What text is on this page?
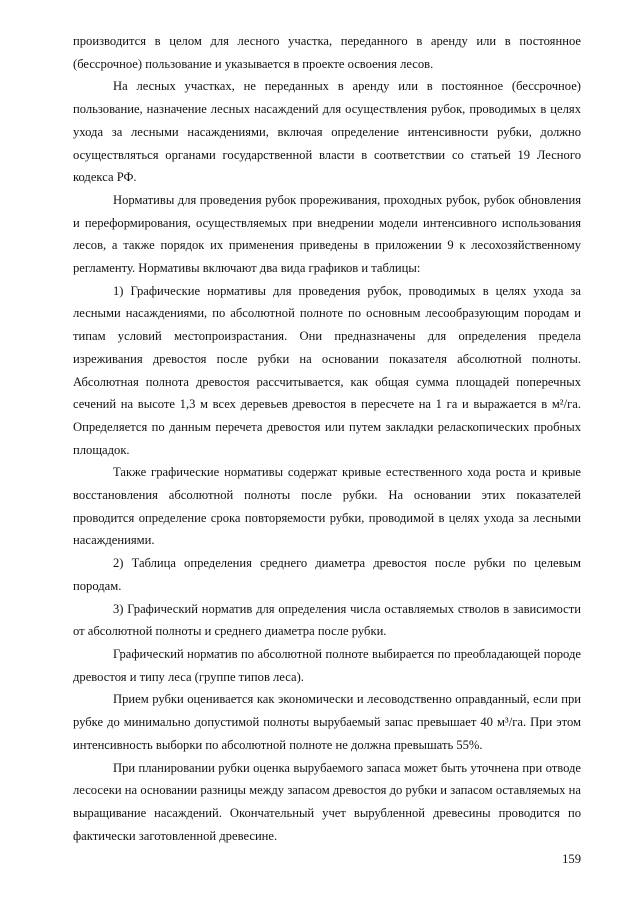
производится в целом для лесного участка, переданного в аренду или в постоянное (бессрочное) пользование и указывается в проекте освоения лесов.

На лесных участках, не переданных в аренду или в постоянное (бессрочное) пользование, назначение лесных насаждений для осуществления рубок, проводимых в целях ухода за лесными насаждениями, включая определение интенсивности рубки, должно осуществляться органами государственной власти в соответствии со статьей 19 Лесного кодекса РФ.

Нормативы для проведения рубок прореживания, проходных рубок, рубок обновления и переформирования, осуществляемых при внедрении модели интенсивного использования лесов, а также порядок их применения приведены в приложении 9 к лесохозяйственному регламенту. Нормативы включают два вида графиков и таблицы:

1) Графические нормативы для проведения рубок, проводимых в целях ухода за лесными насаждениями, по абсолютной полноте по основным лесообразующим породам и типам условий местопроизрастания. Они предназначены для определения предела изреживания древостоя после рубки на основании показателя абсолютной полноты. Абсолютная полнота древостоя рассчитывается, как общая сумма площадей поперечных сечений на высоте 1,3 м всех деревьев древостоя в пересчете на 1 га и выражается в м²/га. Определяется по данным перечета древостоя или путем закладки реласкопических пробных площадок.

Также графические нормативы содержат кривые естественного хода роста и кривые восстановления абсолютной полноты после рубки. На основании этих показателей проводится определение срока повторяемости рубки, проводимой в целях ухода за лесными насаждениями.

2) Таблица определения среднего диаметра древостоя после рубки по целевым породам.

3) Графический норматив для определения числа оставляемых стволов в зависимости от абсолютной полноты и среднего диаметра после рубки.

Графический норматив по абсолютной полноте выбирается по преобладающей породе древостоя и типу леса (группе типов леса).

Прием рубки оценивается как экономически и лесоводственно оправданный, если при рубке до минимально допустимой полноты вырубаемый запас превышает 40 м³/га. При этом интенсивность выборки по абсолютной полноте не должна превышать 55%.

При планировании рубки оценка вырубаемого запаса может быть уточнена при отводе лесосеки на основании разницы между запасом древостоя до рубки и запасом оставляемых на выращивание насаждений. Окончательный учет вырубленной древесины проводится по фактически заготовленной древесине.

159
